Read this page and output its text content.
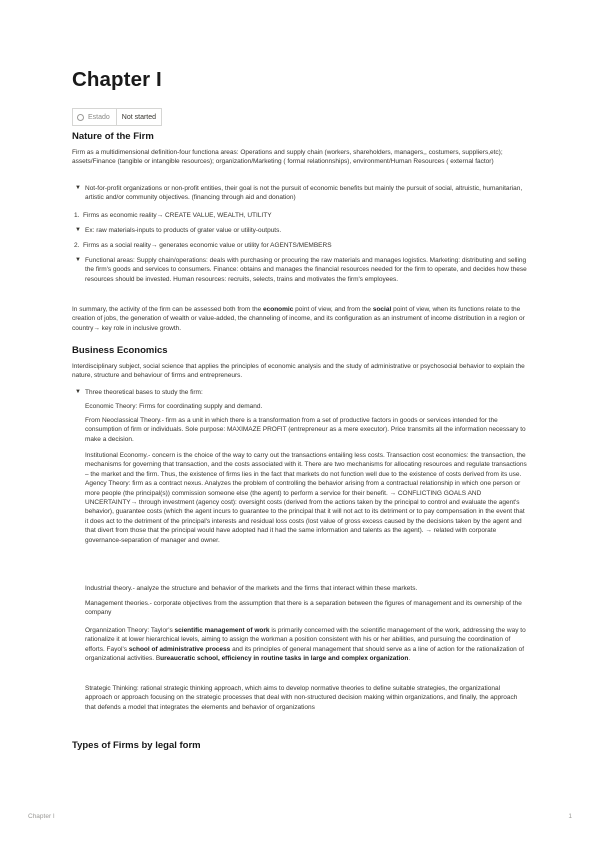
Chapter I
Estado	Not started
Nature of the Firm
Firm as a multidimensional definition-four functiona areas: Operations and supply chain (workers, shareholders, managers,, costumers, suppliers,etc); assets/Finance (tangible or intangible resources); organization/Marketing ( formal relationnships), environment/Human Resources ( external factor)
▼ Not-for-profit organizations or non-profit entities, their goal is not the pursuit of economic benefits but mainly the pursuit of social, altruistic, humanitarian, artistic and/or community objectives. (financing through aid and donation)
1. Firms as economic reality→ CREATE VALUE, WEALTH, UTILITY
▼ Ex: raw materials-inputs to products of grater value or utility-outputs.
2. Firms as a social reality→ generates economic value or utility for AGENTS/MEMBERS
▼ Functional areas: Supply chain/operations: deals with purchasing or procuring the raw materials and manages logistics. Marketing: distributing and selling the firm's goods and services to consumers. Finance: obtains and manages the financial resources needed for the firm to operate, and decides how these resources should be invested. Human resources: recruits, selects, trains and motivates the firm's employees.
In summary, the activity of the firm can be assessed both from the economic point of view, and from the social point of view, when its functions relate to the creation of jobs, the generation of wealth or value-added, the channeling of income, and its configuration as an instrument of income distribution in a region or country→ key role in inclusive growth.
Business Economics
Interdisciplinary subject, social science that applies the principles of economic analysis and the study of administrative or psychosocial behavior to explain the nature, structure and behaviour of firms and entrepreneurs.
▼ Three theoretical bases to study the firm:
Economic Theory: Firms for coordinating supply and demand.
From Neoclassical Theory.- firm as a unit in which there is a transformation from a set of productive factors in goods or services intended for the consumption of firm or individuals. Sole purpose: MAXIMAZE PROFIT (entrepreneur as a mere executor). Price transmits all the information necessary to make a decision.
Institutional Economy.- concern is the choice of the way to carry out the transactions entailing less costs. Transaction cost economics: the transaction, the mechanisms for governing that transaction, and the costs associated with it. There are two mechanisms for allocating resources and regulate transactions – the market and the firm. Thus, the existence of firms lies in the fact that markets do not function well due to the existence of costs derived from its use. Agency Theory: firm as a contract nexus. Analyzes the problem of controlling the behavior arising from a contractual relationship in which one person or more people (the principal(s)) commission someone else (the agent) to perform a service for their benefit. → CONFLICTING GOALS AND UNCERTAINTY→ through investment (agency cost): oversight costs (derived from the actions taken by the principal to control and evaluate the agent's behavior), guarantee costs (which the agent incurs to guarantee to the principal that it will not act to its detriment or to pay compensation in the event that it does act to the detriment of the principal's interests and residual loss costs (lost value of gross excess caused by the decisions taken by the agent and that divert from those that the principal would have adopted had it had the same information and talents as the agent). → related with corporate governance-separation of manager and owner.
Industrial theory.- analyze the structure and behavior of the markets and the firms that interact within these markets.
Management theories.- corporate objectives from the assumption that there is a separation between the figures of management and its ownership of the company
Organnization Theory: Taylor's scientific management of work is primarily concerned with the scientific management of the work, addressing the way to rationalize it at lower hierarchical levels, aiming to assign the workman a position consistent with his or her abilities, and pursuing the coordination of efforts. Fayol's school of administrative process and its principles of general management that should serve as a line of action for the rationalization of organizational activities. Bureaucratic school, efficiency in routine tasks in large and complex organization.
Strategic Thinking: rational strategic thinking approach, which aims to develop normative theories to define suitable strategies, the organizational approach or approach focusing on the strategic processes that deal with non-structured decision making within organizations, and finally, the approach that defends a model that integrates the elements and behavior of organizations
Types of Firms by legal form
Chapter I	1
